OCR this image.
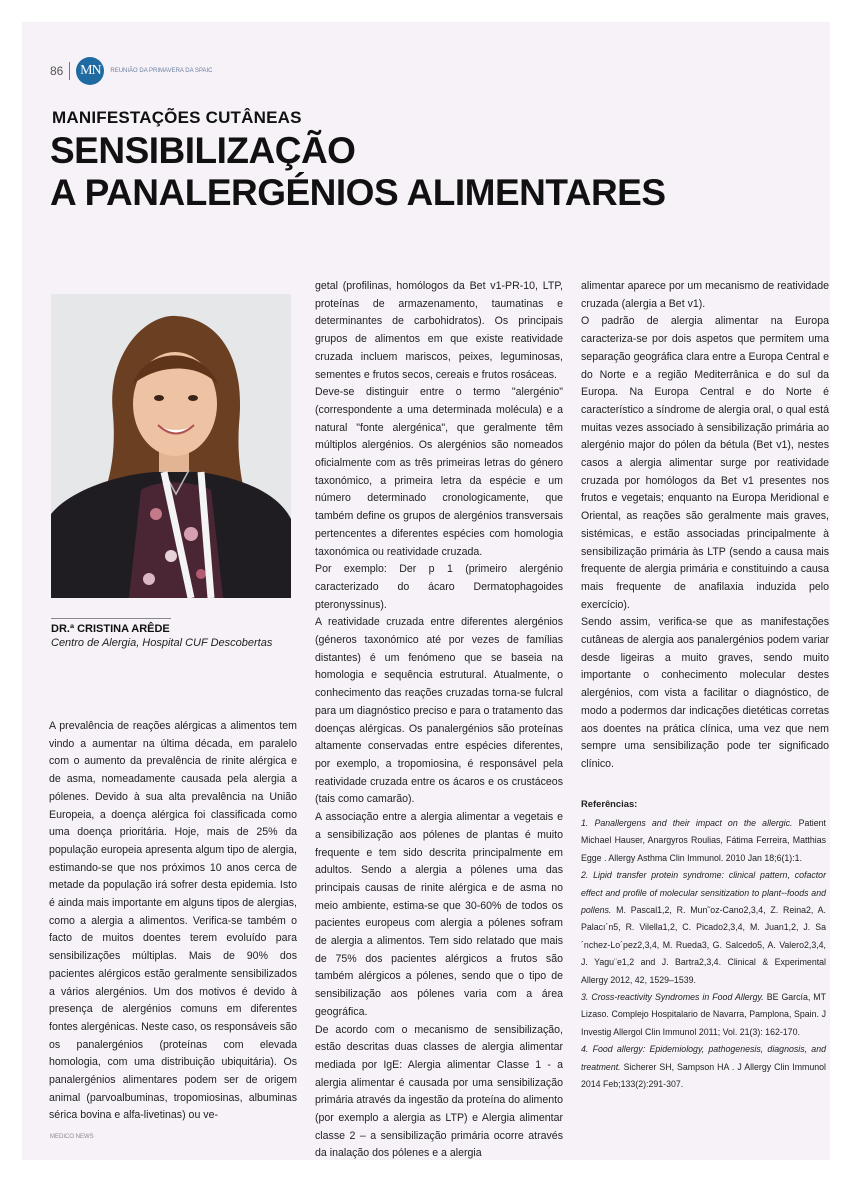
86 MN	REUNIÃO DA PRIMAVERA DA SPAIC
MANIFESTAÇÕES CUTÂNEAS
SENSIBILIZAÇÃO
A PANALERGÉNIOS ALIMENTARES
DR.ª CRISTINA ARÊDE
Centro de Alergia, Hospital CUF Descobertas

A prevalência de reações alérgicas a alimentos tem vindo a aumentar na última década, em paralelo com o aumento da prevalência de rinite alérgica e de asma, nomeadamente causada pela alergia a pólenes. Devido à sua alta prevalência na União Europeia, a doença alérgica foi classificada como uma doença prioritária. Hoje, mais de 25% da população europeia apresenta algum tipo de alergia, estimando-se que nos próximos 10 anos cerca de metade da população irá sofrer desta epidemia. Isto é ainda mais importante em alguns tipos de alergias, como a alergia a alimentos. Verifica-se também o facto de muitos doentes terem evoluído para sensibilizações múltiplas. Mais de 90% dos pacientes alérgicos estão geralmente sensibilizados a vários alergénios. Um dos motivos é devido à presença de alergénios comuns em diferentes fontes alergénicas. Neste caso, os responsáveis são os panalergénios (proteínas com elevada homologia, com uma distribuição ubiquitária). Os panalergénios alimentares podem ser de origem animal (parvoalbuminas, tropomiosinas, albuminas sérica bovina e alfa-livetinas) ou ve-

getal (profilinas, homólogos da Bet v1-PR-10, LTP, proteínas de armazenamento, taumatinas e determinantes de carbohidratos). Os principais grupos de alimentos em que existe reatividade cruzada incluem mariscos, peixes, leguminosas, sementes e frutos secos, cereais e frutos rosáceas.

Deve-se distinguir entre o termo "alergénio" (correspondente a uma determinada molécula) e a natural "fonte alergénica", que geralmente têm múltiplos alergénios. Os alergénios são nomeados oficialmente com as três primeiras letras do género taxonómico, a primeira letra da espécie e um número determinado cronologicamente, que também define os grupos de alergénios transversais pertencentes a diferentes espécies com homologia taxonómica ou reatividade cruzada.

Por exemplo: Der p 1 (primeiro alergénio caracterizado do ácaro Dermatophagoides pteronyssinus).

A reatividade cruzada entre diferentes alergénios (géneros taxonómico até por vezes de famílias distantes) é um fenómeno que se baseia na homologia e sequência estrutural. Atualmente, o conhecimento das reações cruzadas torna-se fulcral para um diagnóstico preciso e para o tratamento das doenças alérgicas. Os panalergénios são proteínas altamente conservadas entre espécies diferentes, por exemplo, a tropomiosina, é responsável pela reatividade cruzada entre os ácaros e os crustáceos (tais como camarão).

A associação entre a alergia alimentar a vegetais e a sensibilização aos pólenes de plantas é muito frequente e tem sido descrita principalmente em adultos. Sendo a alergia a pólenes uma das principais causas de rinite alérgica e de asma no meio ambiente, estima-se que 30-60% de todos os pacientes europeus com alergia a pólenes sofram de alergia a alimentos. Tem sido relatado que mais de 75% dos pacientes alérgicos a frutos são também alérgicos a pólenes, sendo que o tipo de sensibilização aos pólenes varia com a área geográfica.

De acordo com o mecanismo de sensibilização, estão descritas duas classes de alergia alimentar mediada por IgE: Alergia alimentar Classe 1 - a alergia alimentar é causada por uma sensibilização primária através da ingestão da proteína do alimento (por exemplo a alergia as LTP) e Alergia alimentar classe 2 – a sensibilização primária ocorre através da inalação dos pólenes e a alergia

alimentar aparece por um mecanismo de reatividade cruzada (alergia a Bet v1).

O padrão de alergia alimentar na Europa caracteriza-se por dois aspetos que permitem uma separação geográfica clara entre a Europa Central e do Norte e a região Mediterrânica e do sul da Europa. Na Europa Central e do Norte é característico a síndrome de alergia oral, o qual está muitas vezes associado à sensibilização primária ao alergénio major do pólen da bétula (Bet v1), nestes casos a alergia alimentar surge por reatividade cruzada por homólogos da Bet v1 presentes nos frutos e vegetais; enquanto na Europa Meridional e Oriental, as reações são geralmente mais graves, sistémicas, e estão associadas principalmente à sensibilização primária às LTP (sendo a causa mais frequente de alergia primária e constituindo a causa mais frequente de anafilaxia induzida pelo exercício).

Sendo assim, verifica-se que as manifestações cutâneas de alergia aos panalergénios podem variar desde ligeiras a muito graves, sendo muito importante o conhecimento molecular destes alergénios, com vista a facilitar o diagnóstico, de modo a podermos dar indicações dietéticas corretas aos doentes na prática clínica, uma vez que nem sempre uma sensibilização pode ter significado clínico.

Referências:

1. Panallergens and their impact on the allergic. Patient Michael Hauser, Anargyros Roulias, Fátima Ferreira, Matthias Egge . Allergy Asthma Clin Immunol. 2010 Jan 18;6(1):1.

2. Lipid transfer protein syndrome: clinical pattern, cofactor effect and profile of molecular sensitization to plant--foods and pollens. M. Pascal1,2, R. Mun˜oz-Cano2,3,4, Z. Reina2, A. Palacı´n5, R. Vilella1,2, C. Picado2,3,4, M. Juan1,2, J. Sa´nchez-Lo´pez2,3,4, M. Rueda3, G. Salcedo5, A. Valero2,3,4, J. Yagu¨e1,2 and J. Bartra2,3,4. Clinical & Experimental Allergy 2012, 42, 1529–1539.

3. Cross-reactivity Syndromes in Food Allergy. BE García, MT Lizaso. Complejo Hospitalario de Navarra, Pamplona, Spain. J Investig Allergol Clin Immunol 2011; Vol. 21(3): 162-170.

4. Food allergy: Epidemiology, pathogenesis, diagnosis, and treatment. Sicherer SH, Sampson HA . J Allergy Clin Immunol 2014 Feb;133(2):291-307.

MEDICO NEWS
